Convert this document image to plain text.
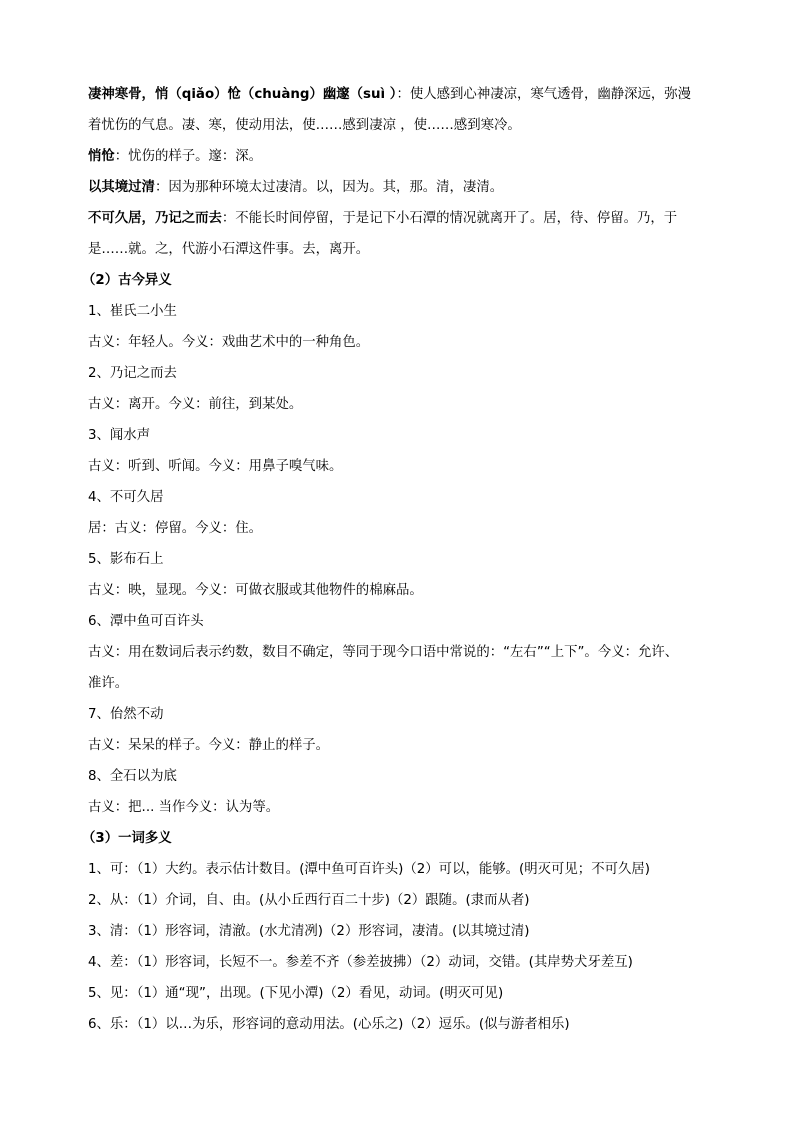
凄神寒骨，悄（qiǎo）怆（chuàng）幽邃（suì ）：使人感到心神凄凉，寒气透骨，幽静深远，弥漫
着忧伤的气息。凄、寒，使动用法，使……感到凄凉 ，使……感到寒冷。
悄怆：忧伤的样子。邃：深。
以其境过清：因为那种环境太过凄清。以，因为。其，那。清，凄清。
不可久居，乃记之而去：不能长时间停留，于是记下小石潭的情况就离开了。居，待、停留。乃，于
是……就。之，代游小石潭这件事。去，离开。
（2）古今异义
1、崔氏二小生
古义：年轻人。今义：戏曲艺术中的一种角色。
2、乃记之而去
古义：离开。今义：前往，到某处。
3、闻水声
古义：听到、听闻。今义：用鼻子嗅气味。
4、不可久居
居：古义：停留。今义：住。
5、影布石上
古义：映，显现。今义：可做衣服或其他物件的棉麻品。
6、潭中鱼可百许头
古义：用在数词后表示约数，数目不确定，等同于现今口语中常说的：“左右”“上下”。今义：允许、
准许。
7、佁然不动
古义：呆呆的样子。今义：静止的样子。
8、全石以为底
古义：把... 当作今义：认为等。
（3）一词多义
1、可：（1）大约。表示估计数目。(潭中鱼可百许头)（2）可以，能够。(明灭可见；不可久居)
2、从：（1）介词，自、由。(从小丘西行百二十步)（2）跟随。(隶而从者)
3、清：（1）形容词，清澈。(水尤清冽)（2）形容词，凄清。(以其境过清)
4、差：（1）形容词，长短不一。参差不齐（参差披拂）（2）动词，交错。(其岸势犬牙差互)
5、见：（1）通“现”，出现。(下见小潭)（2）看见，动词。(明灭可见)
6、乐：（1）以…为乐，形容词的意动用法。(心乐之)（2）逗乐。(似与游者相乐)
